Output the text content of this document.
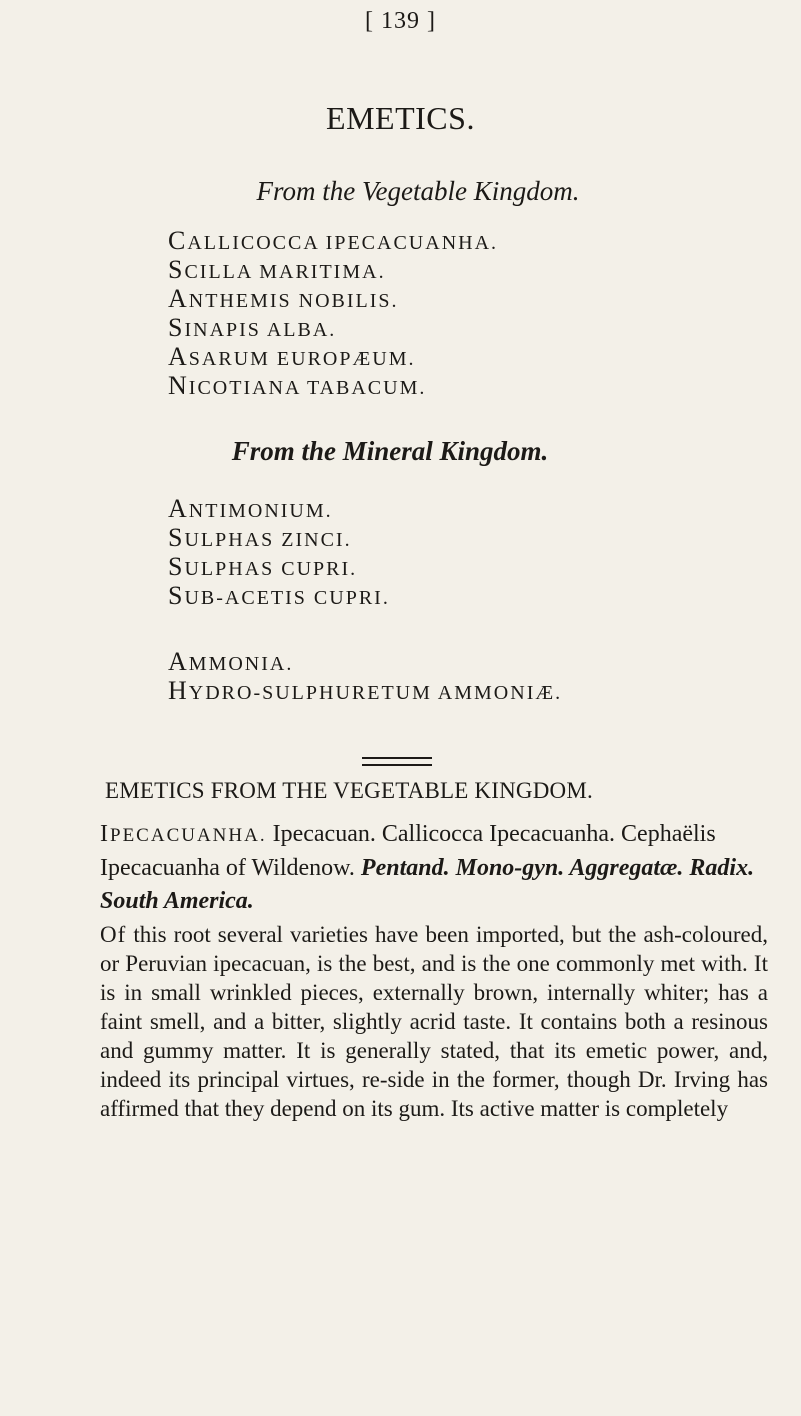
[ 139 ]
EMETICS.
From the Vegetable Kingdom.
CALLICOCCA IPECACUANHA.
SCILLA MARITIMA.
ANTHEMIS NOBILIS.
SINAPIS ALBA.
ASARUM EUROPÆUM.
NICOTIANA TABACUM.
From the Mineral Kingdom.
ANTIMONIUM.
SULPHAS ZINCI.
SULPHAS CUPRI.
SUB-ACETIS CUPRI.
AMMONIA.
HYDRO-SULPHURETUM AMMONIÆ.
EMETICS FROM THE VEGETABLE KINGDOM.

IPECACUANHA. Ipecacuan. Callicocca Ipecacuanha. Cephaëlis Ipecacuanha of Wildenow. Pentand. Mono-gyn. Aggregatæ. Radix. South America.

Of this root several varieties have been imported, but the ash-coloured, or Peruvian ipecacuan, is the best, and is the one commonly met with. It is in small wrinkled pieces, externally brown, internally whiter; has a faint smell, and a bitter, slightly acrid taste. It contains both a resinous and gummy matter. It is generally stated, that its emetic power, and, indeed its principal virtues, re-side in the former, though Dr. Irving has affirmed that they depend on its gum. Its active matter is completely
